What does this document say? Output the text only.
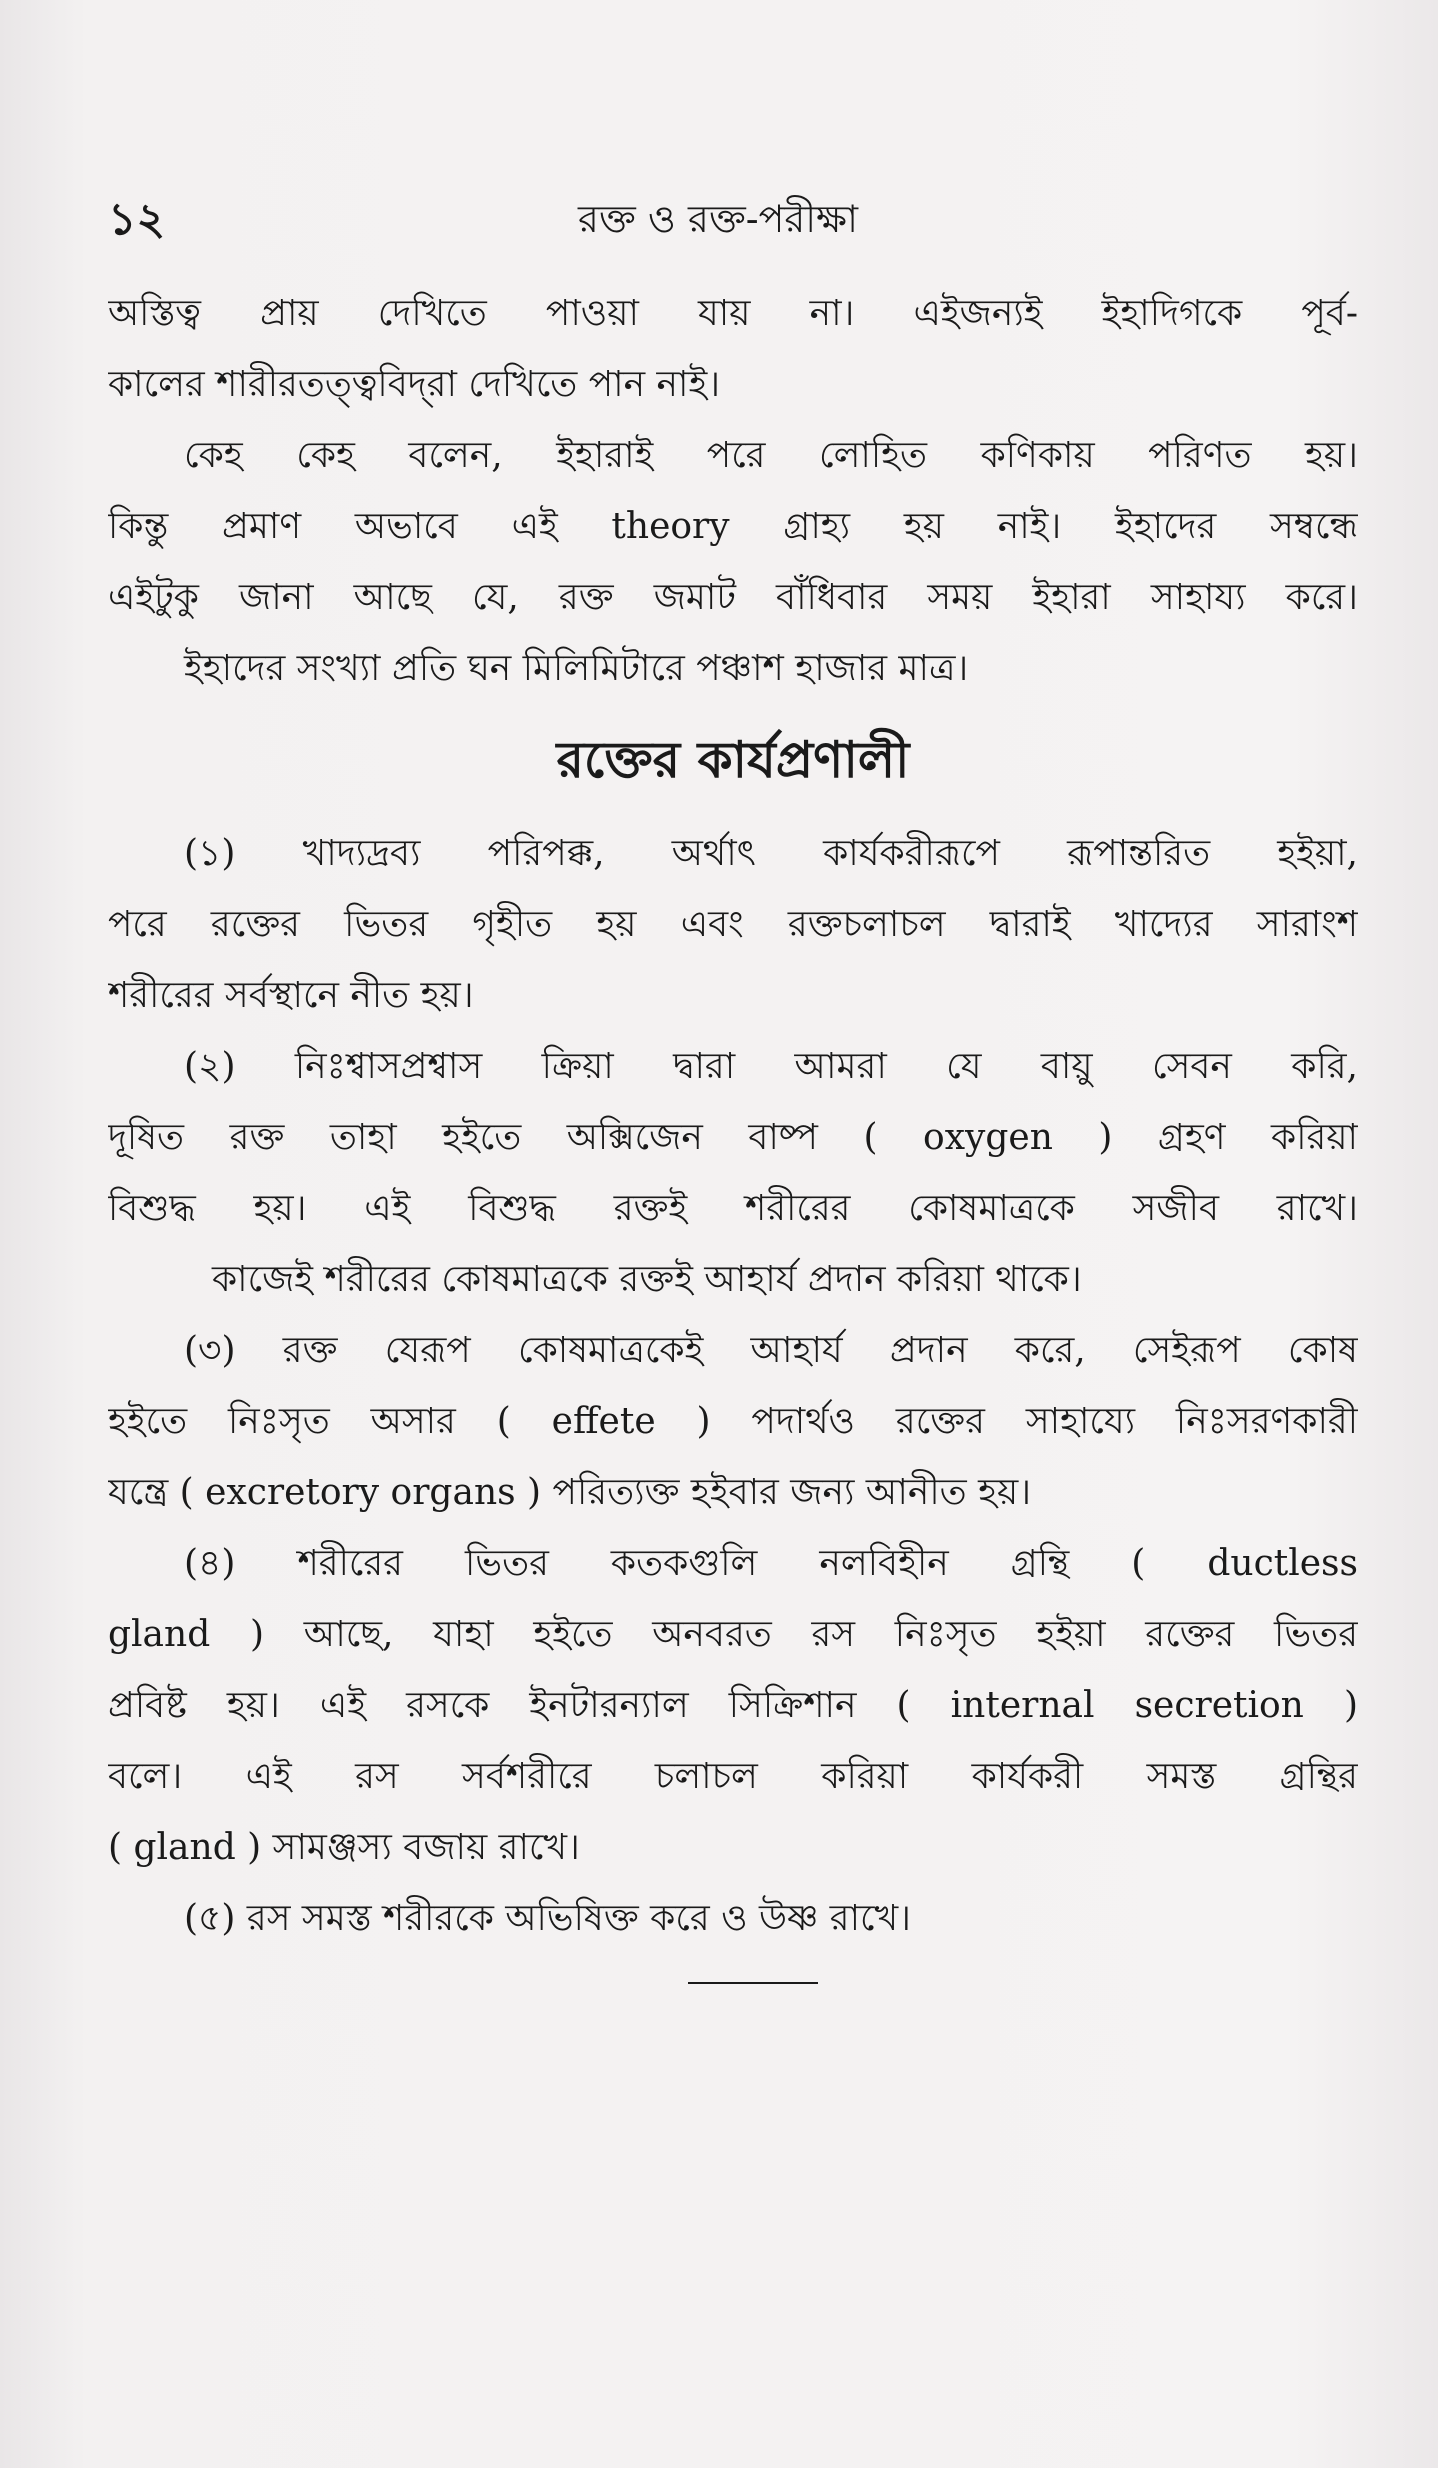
১২	রক্ত ও রক্ত-পরীক্ষা
অস্তিত্ব প্রায় দেখিতে পাওয়া যায় না। এইজন্যই ইহাদিগকে পূর্ব-
কালের শারীরতত্ত্ববিদ্‌রা দেখিতে পান নাই।
কেহ কেহ বলেন, ইহারাই পরে লোহিত কণিকায় পরিণত হয়।
কিন্তু প্রমাণ অভাবে এই theory গ্রাহ্য হয় নাই। ইহাদের সম্বন্ধে
এইটুকু জানা আছে যে, রক্ত জমাট বাঁধিবার সময় ইহারা সাহায্য করে।
ইহাদের সংখ্যা প্রতি ঘন মিলিমিটারে পঞ্চাশ হাজার মাত্র।
রক্তের কার্যপ্রণালী
(১) খাদ্যদ্রব্য পরিপক্ক, অর্থাৎ কার্যকরীরূপে রূপান্তরিত হইয়া,
পরে রক্তের ভিতর গৃহীত হয় এবং রক্তচলাচল দ্বারাই খাদ্যের সারাংশ
শরীরের সর্বস্থানে নীত হয়।
(২) নিঃশ্বাসপ্রশ্বাস ক্রিয়া দ্বারা আমরা যে বায়ু সেবন করি,
দূষিত রক্ত তাহা হইতে অক্সিজেন বাষ্প ( oxygen ) গ্রহণ করিয়া
বিশুদ্ধ হয়। এই বিশুদ্ধ রক্তই শরীরের কোষমাত্রকে সজীব রাখে।
কাজেই শরীরের কোষমাত্রকে রক্তই আহার্য প্রদান করিয়া থাকে।
(৩) রক্ত যেরূপ কোষমাত্রকেই আহার্য প্রদান করে, সেইরূপ কোষ
হইতে নিঃসৃত অসার ( effete ) পদার্থও রক্তের সাহায্যে নিঃসরণকারী
যন্ত্রে ( excretory organs ) পরিত্যক্ত হইবার জন্য আনীত হয়।
(৪) শরীরের ভিতর কতকগুলি নলবিহীন গ্রন্থি ( ductless
gland ) আছে, যাহা হইতে অনবরত রস নিঃসৃত হইয়া রক্তের ভিতর
প্রবিষ্ট হয়। এই রসকে ইনটারন্যাল সিক্রিশান ( internal secretion )
বলে। এই রস সর্বশরীরে চলাচল করিয়া কার্যকরী সমস্ত গ্রন্থির
( gland ) সামঞ্জস্য বজায় রাখে।
(৫) রস সমস্ত শরীরকে অভিষিক্ত করে ও উষ্ণ রাখে।
